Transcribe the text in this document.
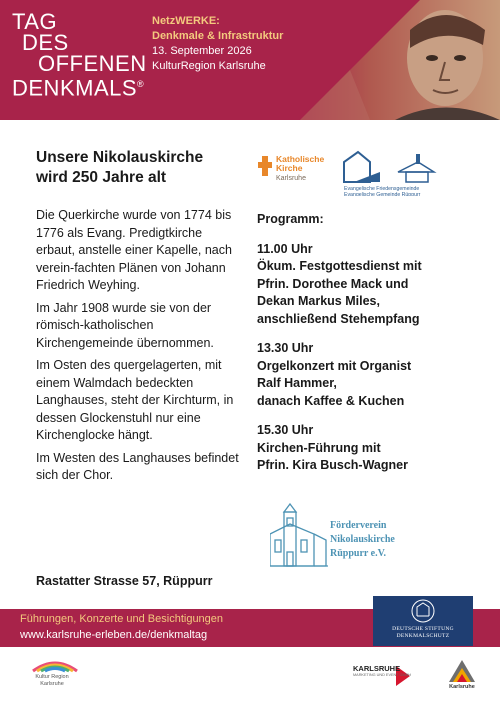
TAG
DES
OFFENEN
DENKMALS®
NetzWERKE:
Denkmale & Infrastruktur
13. September 2026
KulturRegion Karlsruhe
Unsere Nikolauskirche
wird 250 Jahre alt

Die Querkirche wurde von 1774 bis 1776 als Evang. Predigtkirche erbaut, anstelle einer Kapelle, nach verein-fachten Plänen von Johann Friedrich Weyhing.

Im Jahr 1908 wurde sie von der römisch-katholischen Kirchengemeinde übernommen.

Im Osten des quergelagerten, mit einem Walmdach bedeckten Langhauses, steht der Kirchturm, in dessen Glockenstuhl nur eine Kirchenglocke hängt.

Im Westen des Langhauses befindet sich der Chor.

Rastatter Strasse 57, Rüppurr
Katholische
Kirche
Karlsruhe
Evangelische Friedensgemeinde
Evangelische Gemeinde Rüppurr
Programm:
11.00 Uhr
Ökum. Festgottesdienst mit
Pfrin. Dorothee Mack und
Dekan Markus Miles,
anschließend Stehempfang
13.30 Uhr
Orgelkonzert mit Organist
Ralf Hammer,
danach Kaffee & Kuchen
15.30 Uhr
Kirchen-Führung mit
Pfrin. Kira Busch-Wagner
Förderverein
Nikolauskirche
Rüppurr e.V.
Führungen, Konzerte und Besichtigungen
www.karlsruhe-erleben.de/denkmaltag	DEUTSCHE STIFTUNG
DENKMALSCHUTZ
Kultur Region
Karlsruhe
KARLSRUHE
MARKETING UND EVENT GMBH
Karlsruhe
